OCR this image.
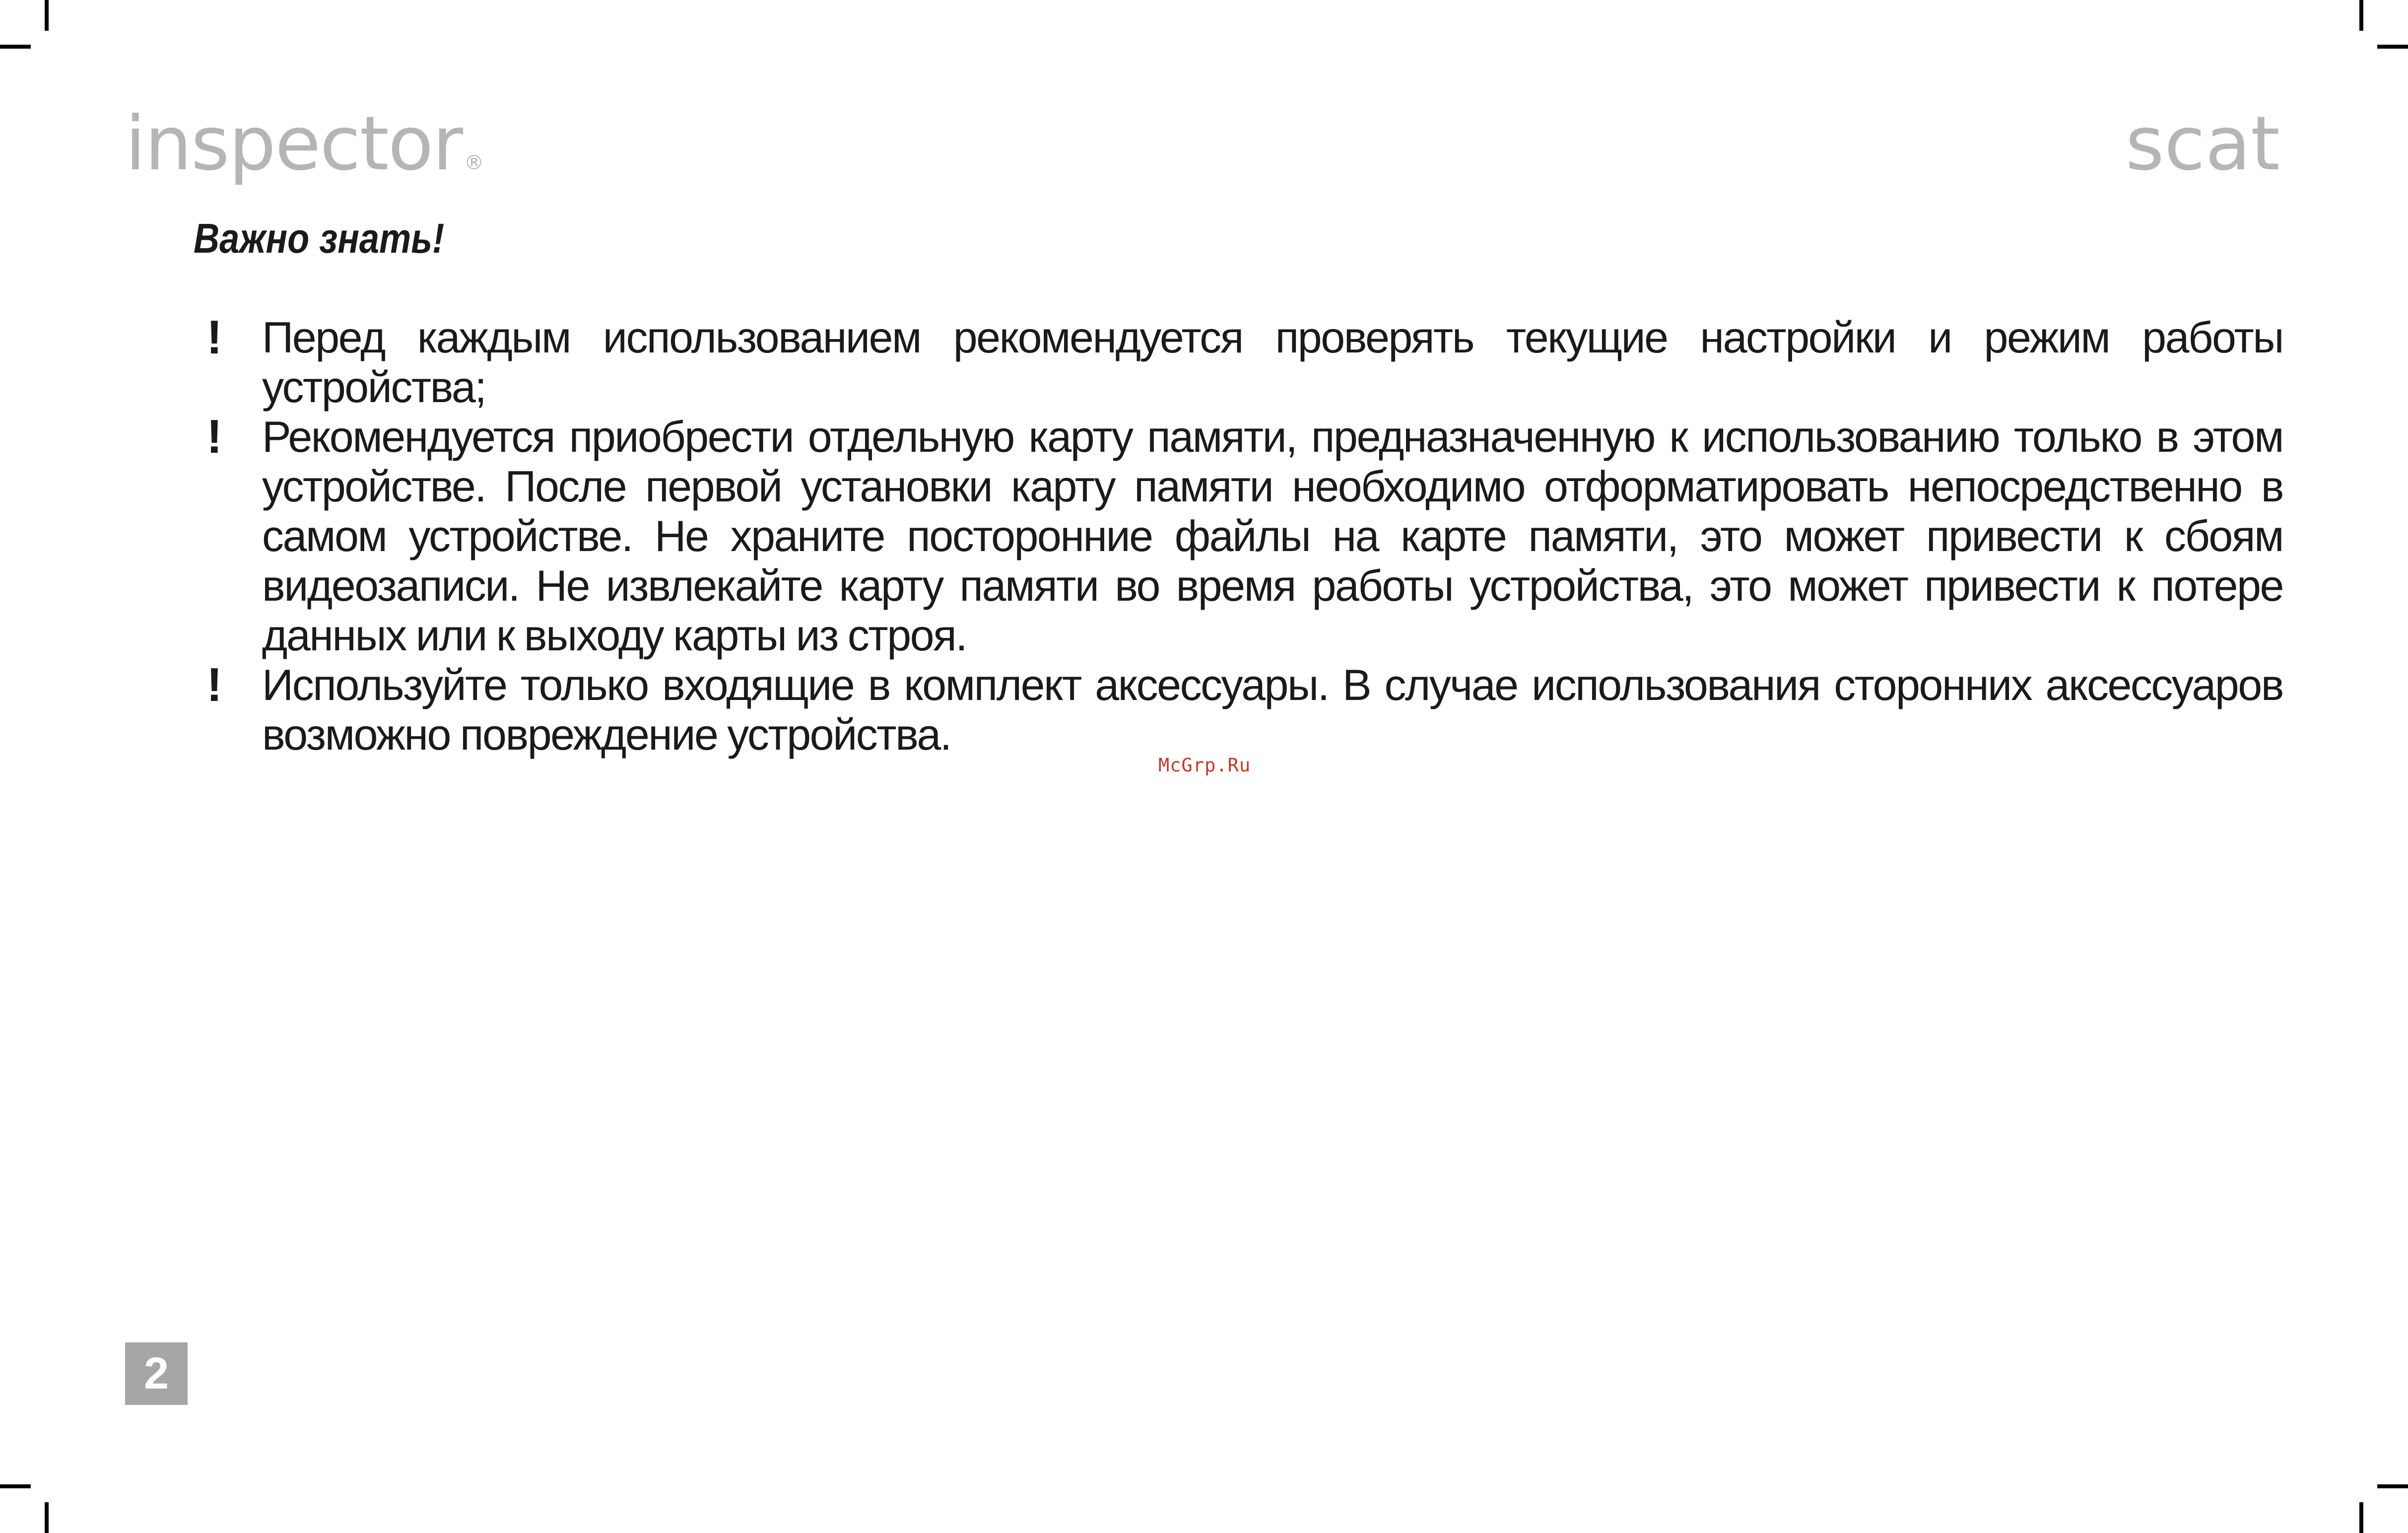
inspector ®	scat
Важно знать!
! Перед каждым использованием рекомендуется проверять текущие настройки и режим работы устройства;
! Рекомендуется приобрести отдельную карту памяти, предназначенную к использованию только в этом устройстве. После первой установки карту памяти необходимо отформатировать непосредственно в самом устройстве. Не храните посторонние файлы на карте памяти, это может привести к сбоям видеозаписи. Не извлекайте карту памяти во время работы устройства, это может привести к потере данных или к выходу карты из строя.
! Используйте только входящие в комплект аксессуары. В случае использования сторонних аксессуаров возможно повреждение устройства.
McGrp.Ru
2
